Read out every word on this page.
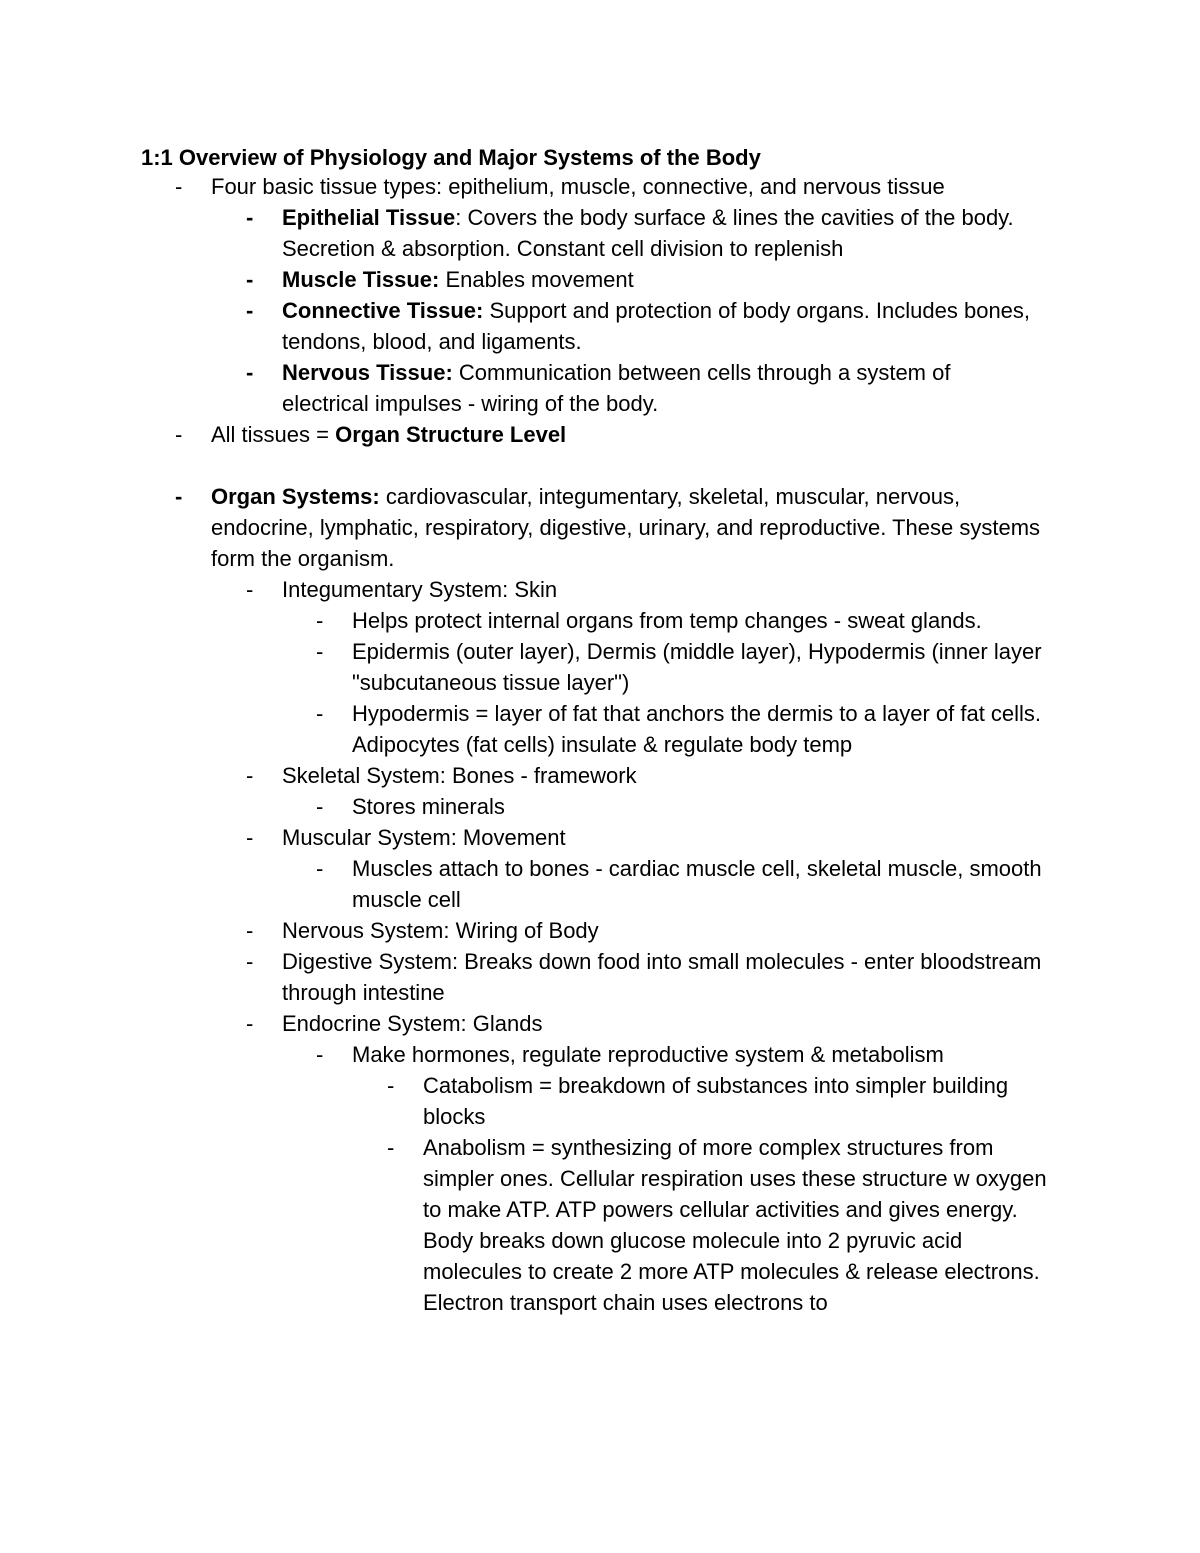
1:1 Overview of Physiology and Major Systems of the Body
- Four basic tissue types: epithelium, muscle, connective, and nervous tissue
- Epithelial Tissue: Covers the body surface & lines the cavities of the body. Secretion & absorption. Constant cell division to replenish
- Muscle Tissue: Enables movement
- Connective Tissue: Support and protection of body organs. Includes bones, tendons, blood, and ligaments.
- Nervous Tissue: Communication between cells through a system of electrical impulses - wiring of the body.
- All tissues = Organ Structure Level
- Organ Systems: cardiovascular, integumentary, skeletal, muscular, nervous, endocrine, lymphatic, respiratory, digestive, urinary, and reproductive. These systems form the organism.
- Integumentary System: Skin
- Helps protect internal organs from temp changes - sweat glands.
- Epidermis (outer layer), Dermis (middle layer), Hypodermis (inner layer "subcutaneous tissue layer")
- Hypodermis = layer of fat that anchors the dermis to a layer of fat cells. Adipocytes (fat cells) insulate & regulate body temp
- Skeletal System: Bones - framework
- Stores minerals
- Muscular System: Movement
- Muscles attach to bones - cardiac muscle cell, skeletal muscle, smooth muscle cell
- Nervous System: Wiring of Body
- Digestive System: Breaks down food into small molecules - enter bloodstream through intestine
- Endocrine System: Glands
- Make hormones, regulate reproductive system & metabolism
- Catabolism = breakdown of substances into simpler building blocks
- Anabolism = synthesizing of more complex structures from simpler ones. Cellular respiration uses these structure w oxygen to make ATP. ATP powers cellular activities and gives energy. Body breaks down glucose molecule into 2 pyruvic acid molecules to create 2 more ATP molecules & release electrons. Electron transport chain uses electrons to
